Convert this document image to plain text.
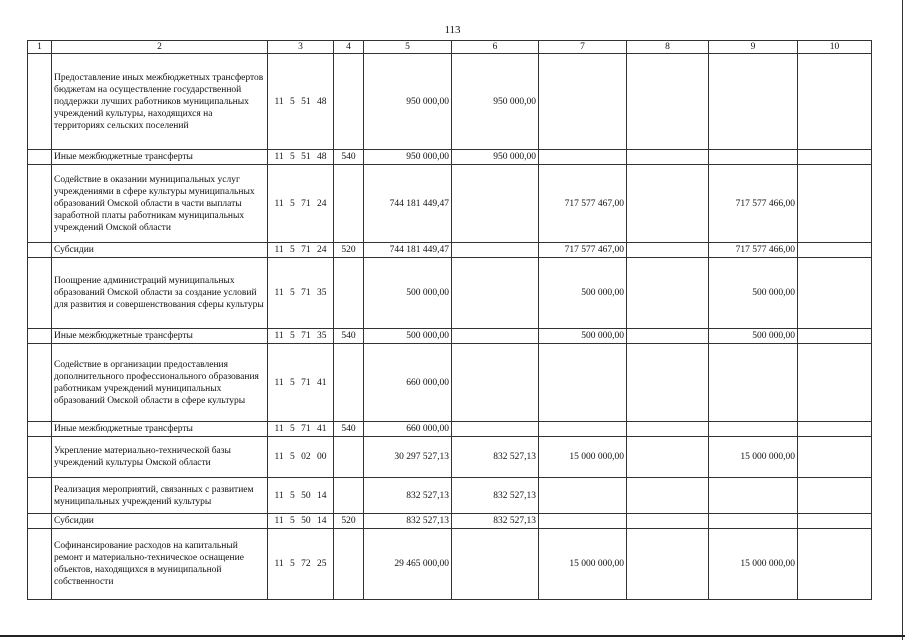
113
1	2	3	4	5	6	7	8	9	10
	Предоставление иных межбюджетных трансфертов бюджетам на осуществление государственной поддержки лучших работников муниципальных учреждений культуры, находящихся на территориях сельских поселений	11 5 51 48		950 000,00	950 000,00				
	Иные межбюджетные трансферты	11 5 51 48	540	950 000,00	950 000,00				
	Содействие в оказании муниципальных услуг учреждениями в сфере культуры муниципальных образований Омской области в части выплаты заработной платы работникам муниципальных учреждений Омской области	11 5 71 24		744 181 449,47		717 577 467,00		717 577 466,00	
	Субсидии	11 5 71 24	520	744 181 449,47		717 577 467,00		717 577 466,00	
	Поощрение администраций муниципальных образований Омской области за создание условий для развития и совершенствования сферы культуры	11 5 71 35		500 000,00		500 000,00		500 000,00	
	Иные межбюджетные трансферты	11 5 71 35	540	500 000,00		500 000,00		500 000,00	
	Содействие в организации предоставления дополнительного профессионального образования работникам учреждений муниципальных образований Омской области в сфере культуры	11 5 71 41		660 000,00					
	Иные межбюджетные трансферты	11 5 71 41	540	660 000,00					
	Укрепление материально-технической базы учреждений культуры Омской области	11 5 02 00		30 297 527,13	832 527,13	15 000 000,00		15 000 000,00	
	Реализация мероприятий, связанных с развитием муниципальных учреждений культуры	11 5 50 14		832 527,13	832 527,13				
	Субсидии	11 5 50 14	520	832 527,13	832 527,13				
	Софинансирование расходов на капитальный ремонт и материально-техническое оснащение объектов, находящихся в муниципальной собственности	11 5 72 25		29 465 000,00		15 000 000,00		15 000 000,00	
